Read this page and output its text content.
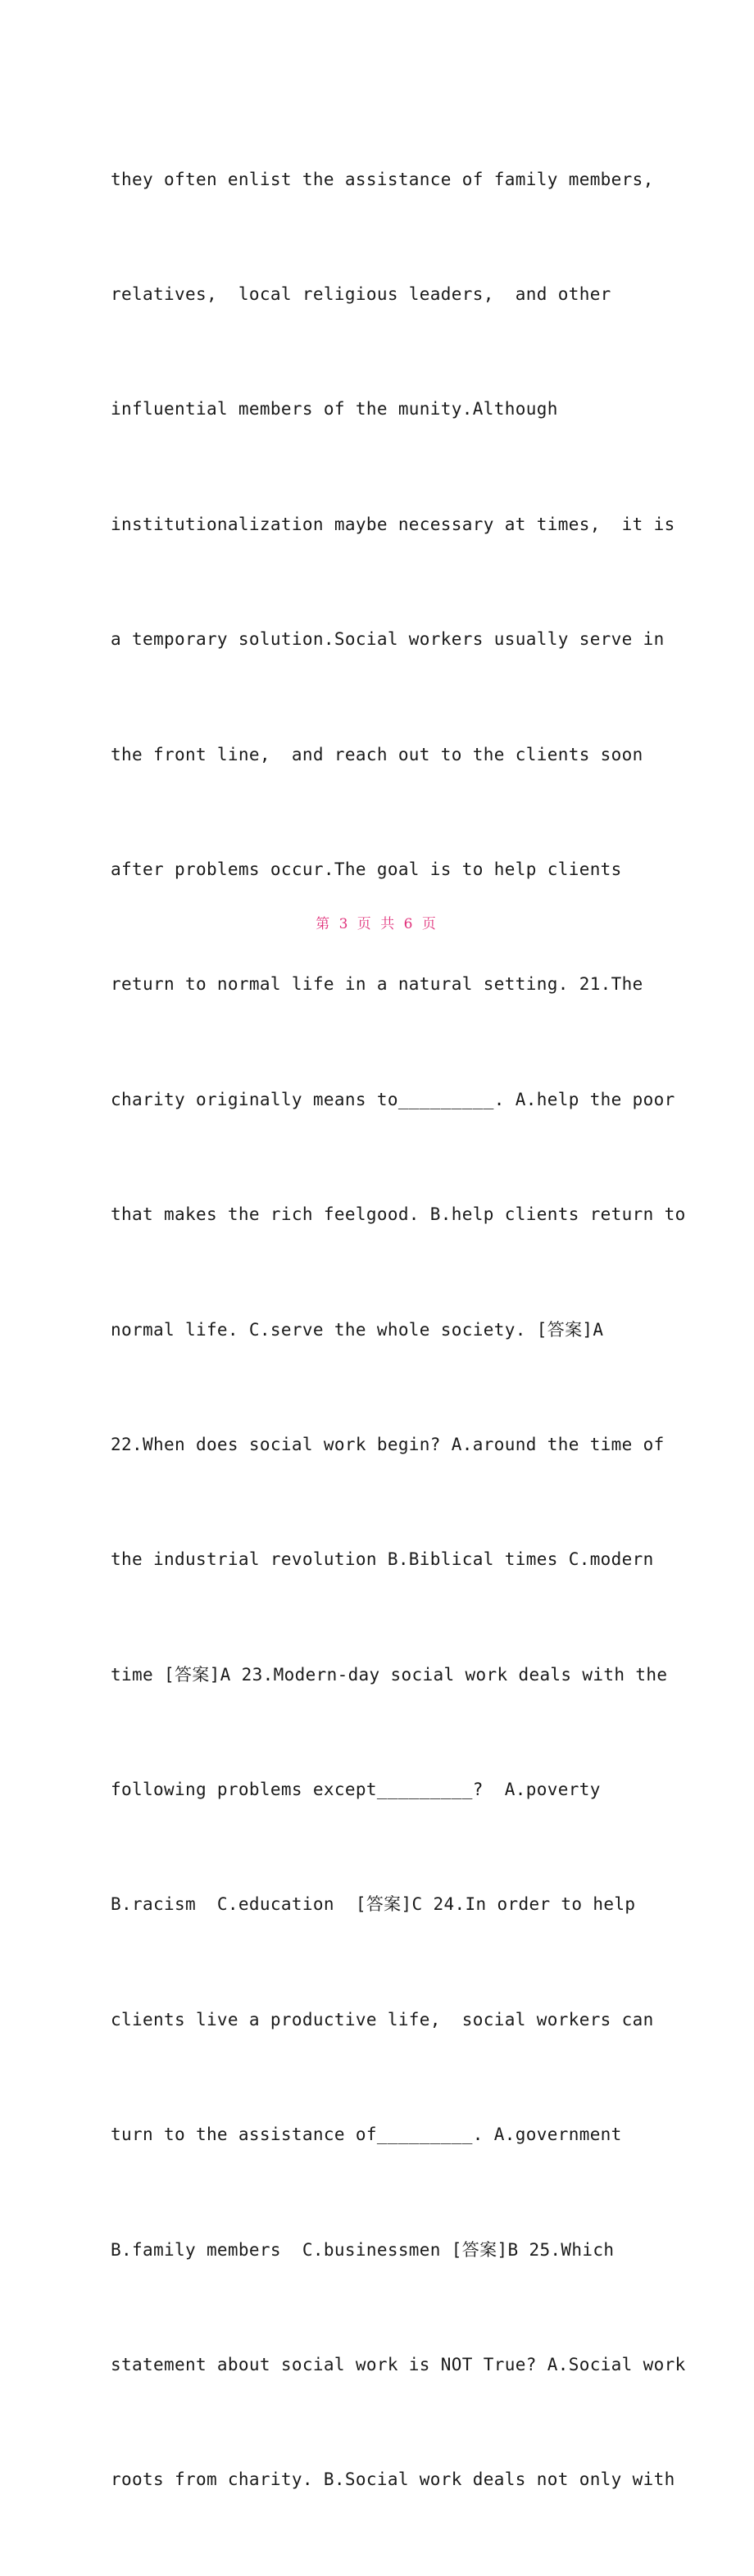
they often enlist the assistance of family members,

relatives,  local religious leaders,  and other

influential members of the munity.Although

institutionalization maybe necessary at times,  it is

a temporary solution.Social workers usually serve in

the front line,  and reach out to the clients soon

after problems occur.The goal is to help clients

return to normal life in a natural setting. 21.The

charity originally means to_________. A.help the poor

that makes the rich feelgood. B.help clients return to

normal life. C.serve the whole society. [答案]A

22.When does social work begin? A.around the time of

the industrial revolution B.Biblical times C.modern

time [答案]A 23.Modern-day social work deals with the

following problems except_________?  A.poverty

B.racism  C.education  [答案]C 24.In order to help

clients live a productive life,  social workers can

turn to the assistance of_________. A.government

B.family members  C.businessmen [答案]B 25.Which

statement about social work is NOT True? A.Social work

roots from charity. B.Social work deals not only with

第 3 页 共 6 页
